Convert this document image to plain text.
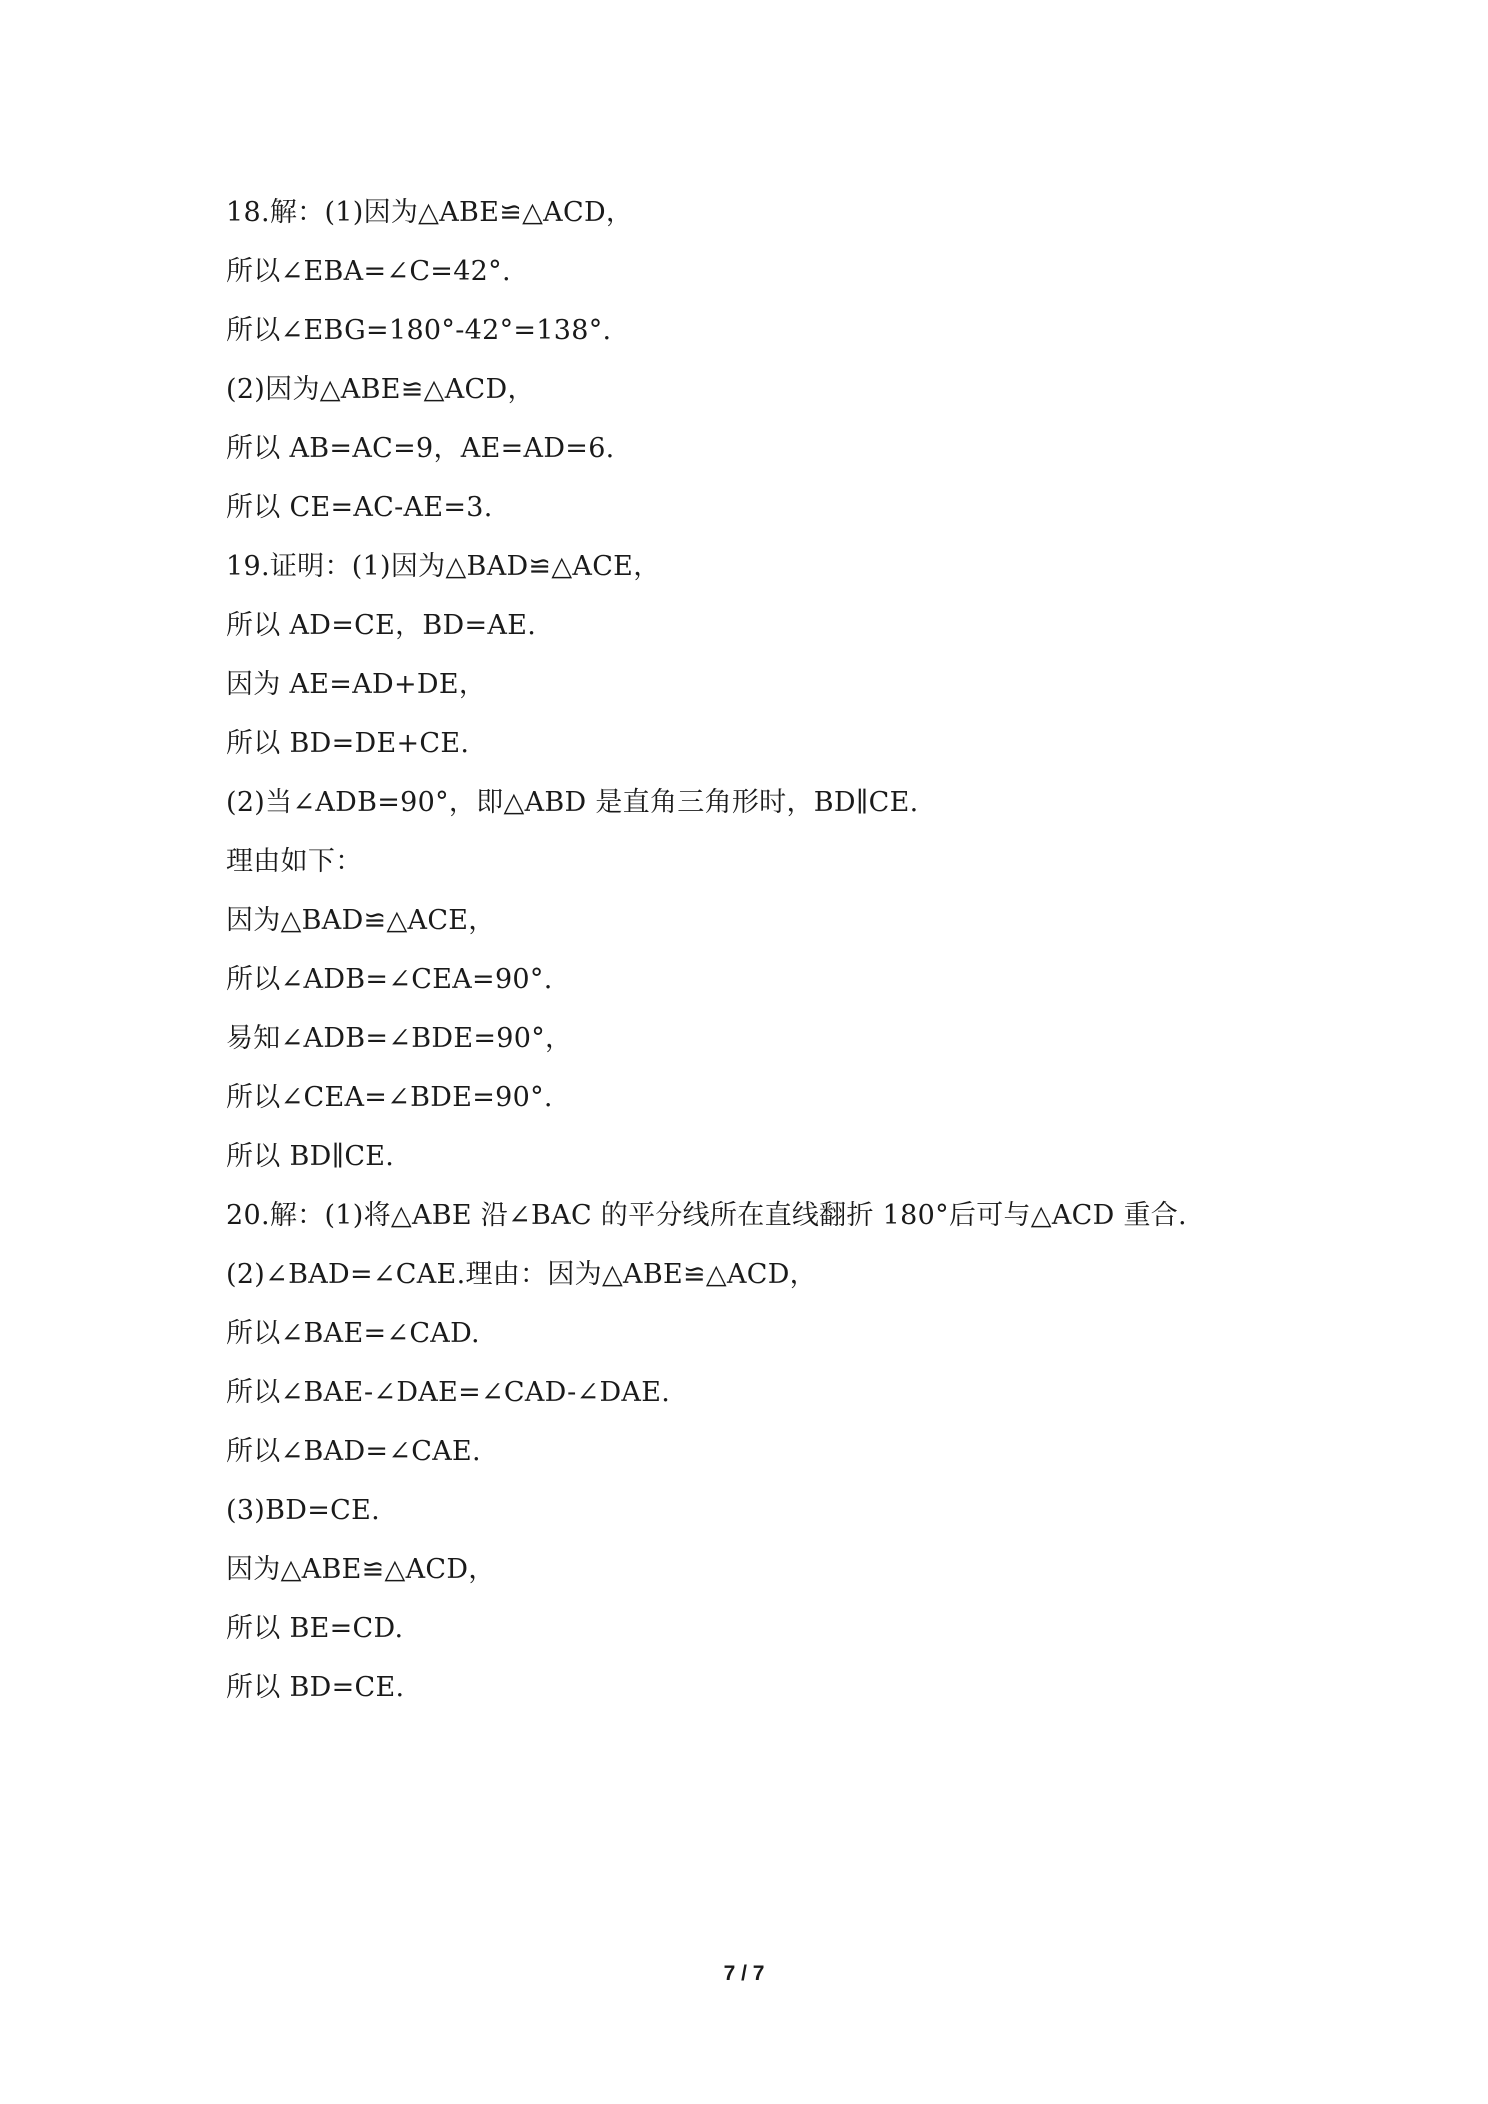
18.解：(1)因为△ABE≌△ACD，
所以∠EBA=∠C=42°.
所以∠EBG=180°-42°=138°.
(2)因为△ABE≌△ACD，
所以 AB=AC=9，AE=AD=6.
所以 CE=AC-AE=3.
19.证明：(1)因为△BAD≌△ACE，
所以 AD=CE，BD=AE.
因为 AE=AD+DE，
所以 BD=DE+CE.
(2)当∠ADB=90°，即△ABD 是直角三角形时，BD∥CE.
理由如下：
因为△BAD≌△ACE，
所以∠ADB=∠CEA=90°.
易知∠ADB=∠BDE=90°，
所以∠CEA=∠BDE=90°.
所以 BD∥CE.
20.解：(1)将△ABE 沿∠BAC 的平分线所在直线翻折 180°后可与△ACD 重合.
(2)∠BAD=∠CAE.理由：因为△ABE≌△ACD，
所以∠BAE=∠CAD.
所以∠BAE-∠DAE=∠CAD-∠DAE.
所以∠BAD=∠CAE.
(3)BD=CE.
因为△ABE≌△ACD，
所以 BE=CD.
所以 BD=CE.
7 / 7
